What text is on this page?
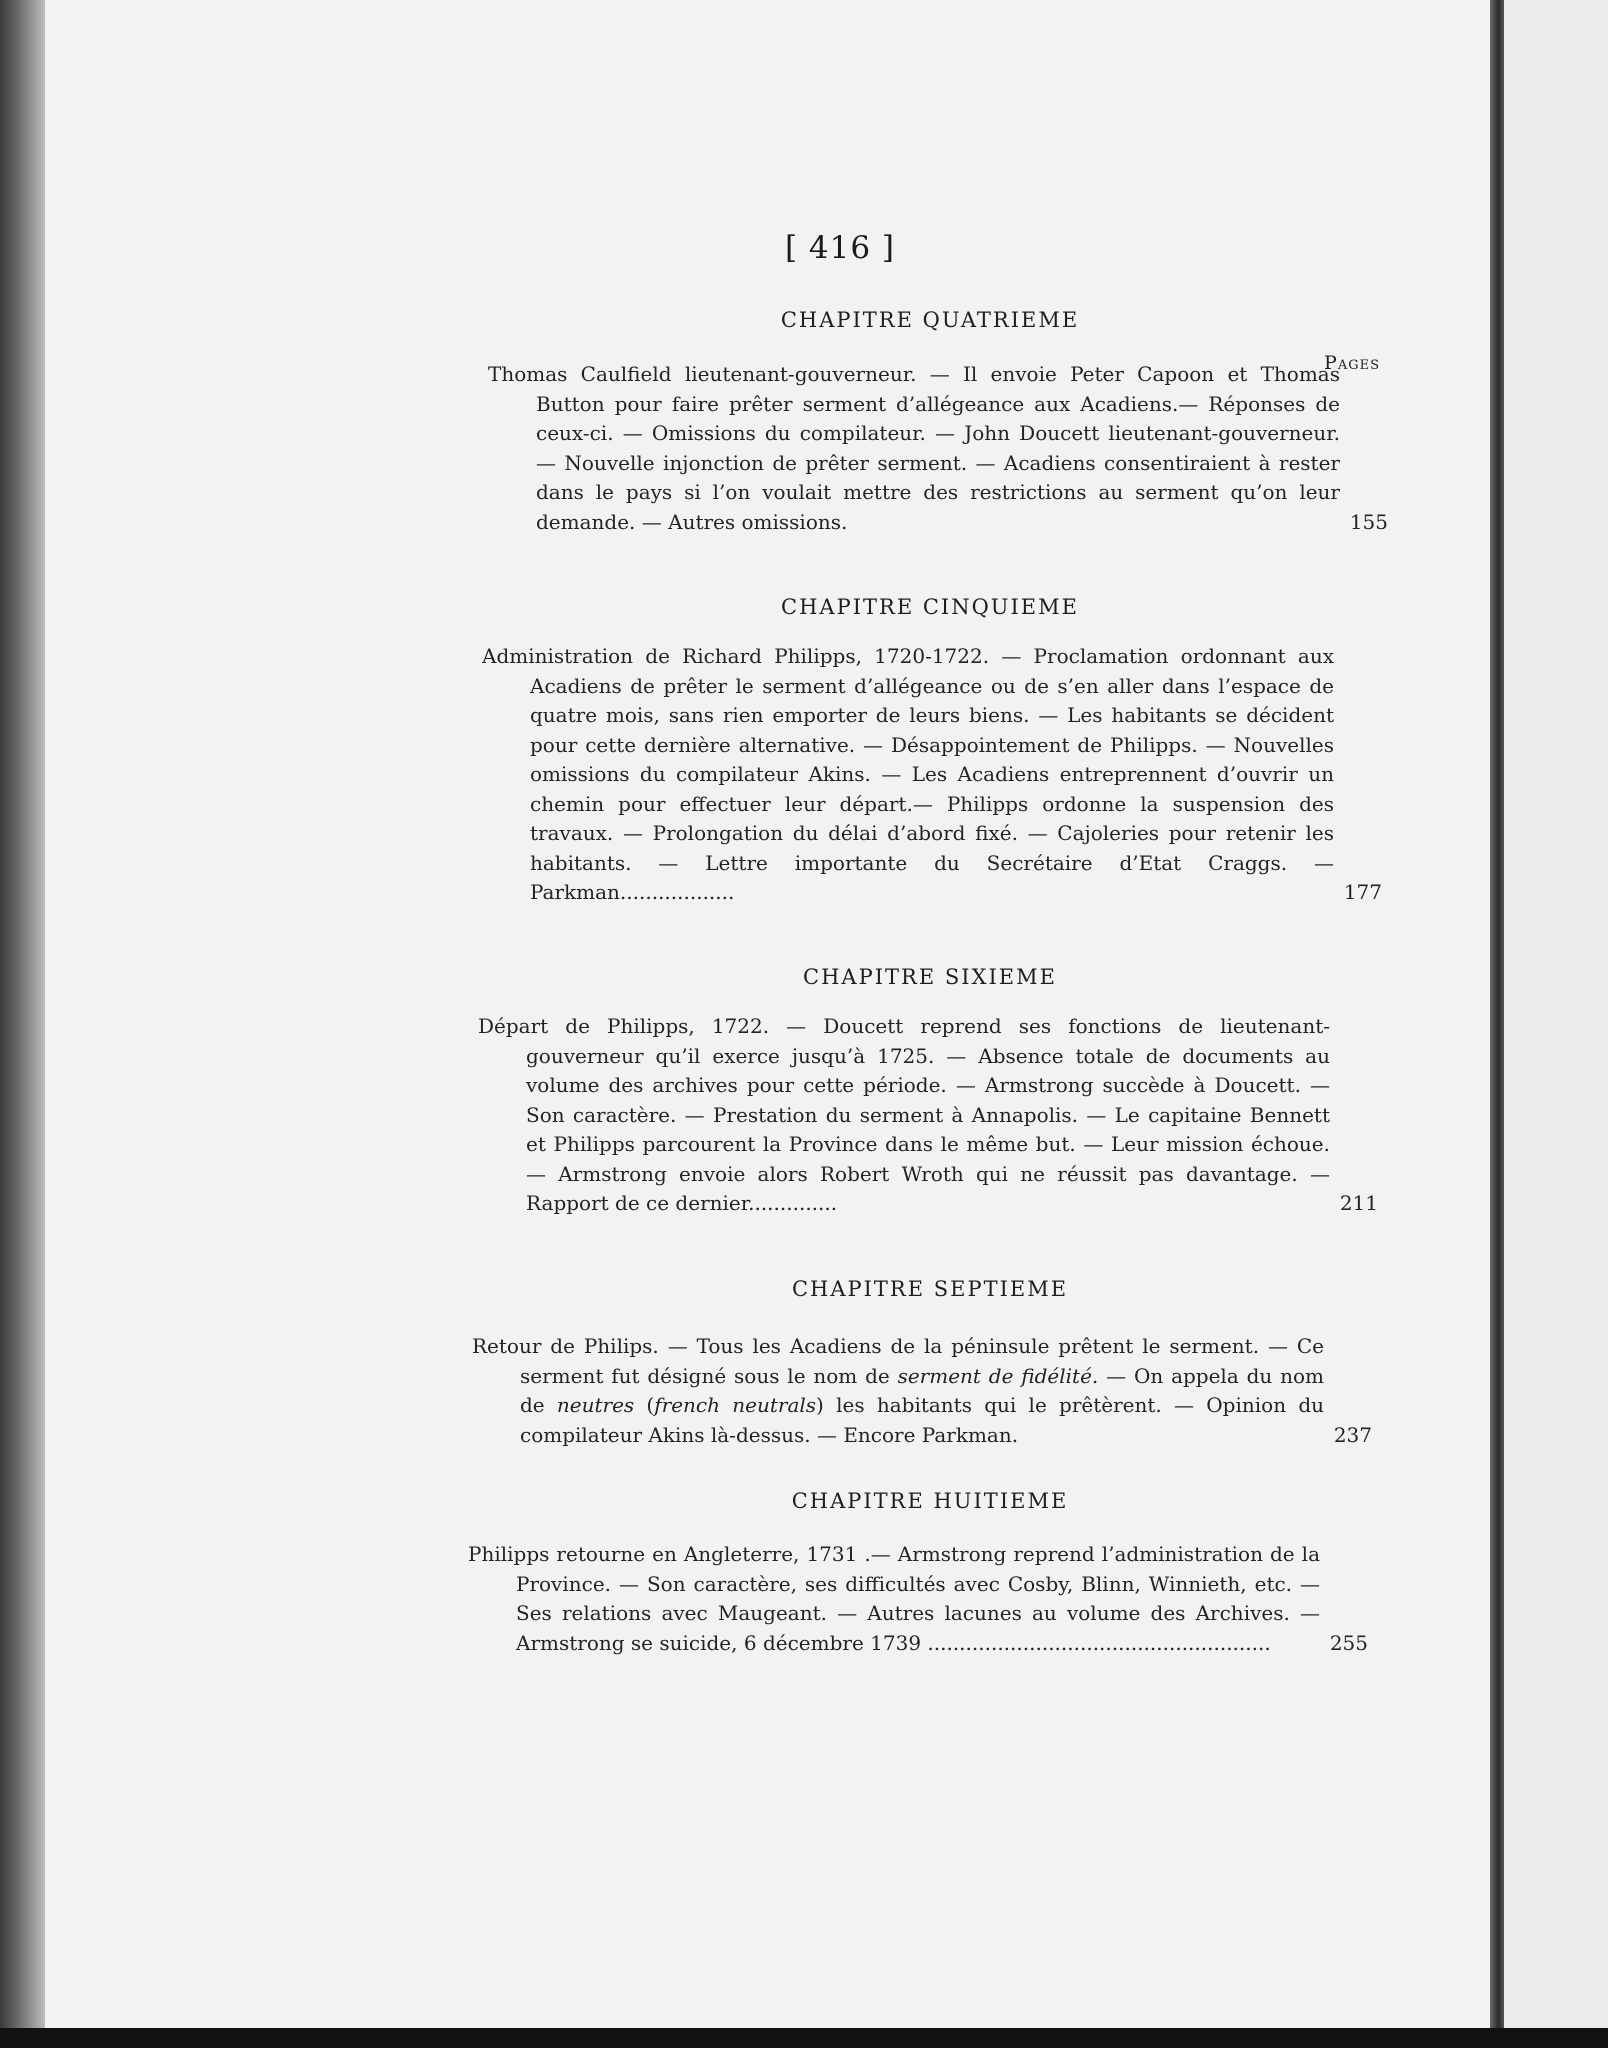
[ 416 ]
CHAPITRE QUATRIEME
Pages

Thomas Caulfield lieutenant-gouverneur. — Il envoie Peter Capoon et Thomas Button pour faire prêter serment d’allégeance aux Acadiens.— Réponses de ceux-ci. — Omissions du compilateur. — John Doucett lieutenant-gouverneur. — Nouvelle injonction de prêter serment. — Acadiens consentiraient à rester dans le pays si l’on voulait mettre des restrictions au serment qu’on leur demande. — Autres omissions.	155
CHAPITRE CINQUIEME

Administration de Richard Philipps, 1720-1722. — Proclamation ordonnant aux Acadiens de prêter le serment d’allégeance ou de s’en aller dans l’espace de quatre mois, sans rien emporter de leurs biens. — Les habitants se décident pour cette dernière alternative. — Désappointement de Philipps. — Nouvelles omissions du compilateur Akins. — Les Acadiens entreprennent d’ouvrir un chemin pour effectuer leur départ.— Philipps ordonne la suspension des travaux. — Prolongation du délai d’abord fixé. — Cajoleries pour retenir les habitants. — Lettre importante du Secrétaire d’Etat Craggs. — Parkman..................	177
CHAPITRE SIXIEME

Départ de Philipps, 1722. — Doucett reprend ses fonctions de lieutenant-gouverneur qu’il exerce jusqu’à 1725. — Absence totale de documents au volume des archives pour cette période. — Armstrong succède à Doucett. — Son caractère. — Prestation du serment à Annapolis. — Le capitaine Bennett et Philipps parcourent la Province dans le même but. — Leur mission échoue. — Armstrong envoie alors Robert Wroth qui ne réussit pas davantage. — Rapport de ce dernier..............	211
CHAPITRE SEPTIEME

Retour de Philips. — Tous les Acadiens de la péninsule prêtent le serment. — Ce serment fut désigné sous le nom de serment de fidélité. — On appela du nom de neutres (french neutrals) les habitants qui le prêtèrent. — Opinion du compilateur Akins là-dessus. — Encore Parkman.	237
CHAPITRE HUITIEME

Philipps retourne en Angleterre, 1731 .— Armstrong reprend l’administration de la Province. — Son caractère, ses difficultés avec Cosby, Blinn, Winnieth, etc. — Ses relations avec Maugeant. — Autres lacunes au volume des Archives. — Armstrong se suicide, 6 décembre 1739 ......................................................	255
